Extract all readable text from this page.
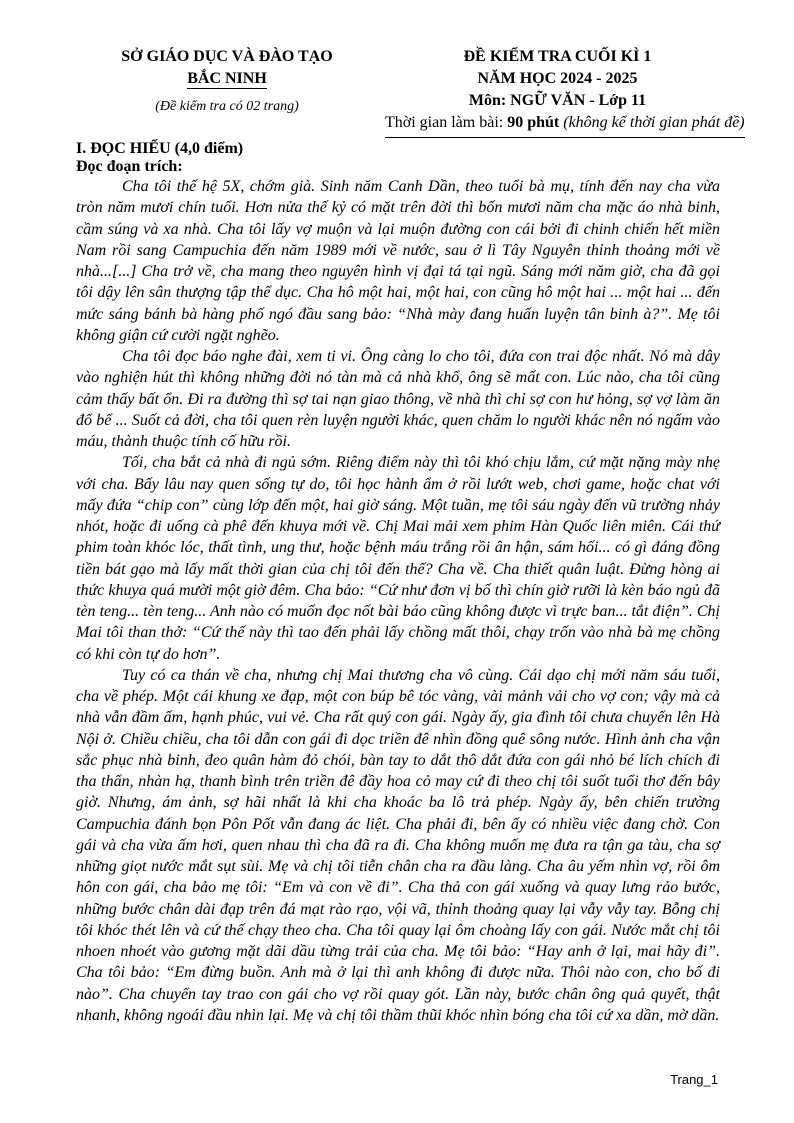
SỞ GIÁO DỤC VÀ ĐÀO TẠO
BẮC NINH
(Đề kiểm tra có 02 trang)
ĐỀ KIỂM TRA CUỐI KÌ 1
NĂM HỌC 2024 - 2025
Môn: NGỮ VĂN - Lớp 11
Thời gian làm bài: 90 phút (không kể thời gian phát đề)

I. ĐỌC HIỂU (4,0 điểm)

Đọc đoạn trích:

Cha tôi thế hệ 5X, chớm già. Sinh năm Canh Dần, theo tuổi bà mụ, tính đến nay cha vừa tròn năm mươi chín tuổi. Hơn nửa thế kỷ có mặt trên đời thì bốn mươi năm cha mặc áo nhà binh, cầm súng và xa nhà. Cha tôi lấy vợ muộn và lại muộn đường con cái bởi đi chinh chiến hết miền Nam rồi sang Campuchia đến năm 1989 mới về nước, sau ở lì Tây Nguyên thỉnh thoảng mới về nhà...[...] Cha trở về, cha mang theo nguyên hình vị đại tá tại ngũ. Sáng mới năm giờ, cha đã gọi tôi dậy lên sân thượng tập thể dục. Cha hô một hai, một hai, con cũng hô một hai ... một hai ... đến mức sáng bánh bà hàng phố ngó đầu sang bảo: “Nhà mày đang huấn luyện tân binh à?”. Mẹ tôi không giận cứ cười ngặt nghẽo.

Cha tôi đọc báo nghe đài, xem ti vi. Ông càng lo cho tôi, đứa con trai độc nhất. Nó mà dây vào nghiện hút thì không những đời nó tàn mà cả nhà khổ, ông sẽ mất con. Lúc nào, cha tôi cũng cảm thấy bất ổn. Đi ra đường thì sợ tai nạn giao thông, về nhà thì chỉ sợ con hư hỏng, sợ vợ làm ăn đổ bể ... Suốt cả đời, cha tôi quen rèn luyện người khác, quen chăm lo người khác nên nó ngấm vào máu, thành thuộc tính cố hữu rồi.

Tối, cha bắt cả nhà đi ngủ sớm. Riêng điểm này thì tôi khó chịu lắm, cứ mặt nặng mày nhẹ với cha. Bấy lâu nay quen sống tự do, tôi học hành ẩm ở rồi lướt web, chơi game, hoặc chat với mấy đứa “chip con” cùng lớp đến một, hai giờ sáng. Một tuần, mẹ tôi sáu ngày đến vũ trường nhảy nhót, hoặc đi uống cà phê đến khuya mới về. Chị Mai mải xem phim Hàn Quốc liên miên. Cái thứ phim toàn khóc lóc, thất tình, ung thư, hoặc bệnh máu trắng rồi ân hận, sám hối... có gì đáng đồng tiền bát gạo mà lấy mất thời gian của chị tôi đến thế? Cha về. Cha thiết quân luật. Đừng hòng ai thức khuya quá mười một giờ đêm. Cha bảo: “Cứ như đơn vị bố thì chín giờ rưỡi là kèn báo ngủ đã tèn teng... tèn teng... Anh nào có muốn đọc nốt bài báo cũng không được vì trực ban... tắt điện”. Chị Mai tôi than thở: “Cứ thế này thì tao đến phải lấy chồng mất thôi, chạy trốn vào nhà bà mẹ chồng có khi còn tự do hơn”.

Tuy có ca thán về cha, nhưng chị Mai thương cha vô cùng. Cái dạo chị mới năm sáu tuổi, cha về phép. Một cái khung xe đạp, một con búp bê tóc vàng, vài mảnh vải cho vợ con; vậy mà cả nhà vẫn đầm ấm, hạnh phúc, vui vẻ. Cha rất quý con gái. Ngày ấy, gia đình tôi chưa chuyển lên Hà Nội ở. Chiều chiều, cha tôi dẫn con gái đi dọc triền đê nhìn đồng quê sông nước. Hình ảnh cha vận sắc phục nhà binh, đeo quân hàm đỏ chói, bàn tay to dắt thô dắt đứa con gái nhỏ bé lích chích đi tha thẩn, nhàn hạ, thanh bình trên triền đê đầy hoa cỏ may cứ đi theo chị tôi suốt tuổi thơ đến bây giờ. Nhưng, ám ảnh, sợ hãi nhất là khi cha khoác ba lô trả phép. Ngày ấy, bên chiến trường Campuchia đánh bọn Pôn Pốt vẫn đang ác liệt. Cha phải đi, bên ấy có nhiều việc đang chờ. Con gái và cha vừa ấm hơi, quen nhau thì cha đã ra đi. Cha không muốn mẹ đưa ra tận ga tàu, cha sợ những giọt nước mắt sụt sùi. Mẹ và chị tôi tiễn chân cha ra đầu làng. Cha âu yếm nhìn vợ, rồi ôm hôn con gái, cha bảo mẹ tôi: “Em và con về đi”. Cha thả con gái xuống và quay lưng rảo bước, những bước chân dài đạp trên đá mạt rào rạo, vội vã, thỉnh thoảng quay lại vẫy vẫy tay. Bỗng chị tôi khóc thét lên và cứ thế chạy theo cha. Cha tôi quay lại ôm choàng lấy con gái. Nước mắt chị tôi nhoen nhoét vào gương mặt dãi dầu từng trải của cha. Mẹ tôi bảo: “Hay anh ở lại, mai hãy đi”. Cha tôi bảo: “Em đừng buồn. Anh mà ở lại thì anh không đi được nữa. Thôi nào con, cho bố đi nào”. Cha chuyển tay trao con gái cho vợ rồi quay gót. Lần này, bước chân ông quả quyết, thật nhanh, không ngoái đầu nhìn lại. Mẹ và chị tôi thầm thũi khóc nhìn bóng cha tôi cứ xa dần, mờ dần.

Trang_1
